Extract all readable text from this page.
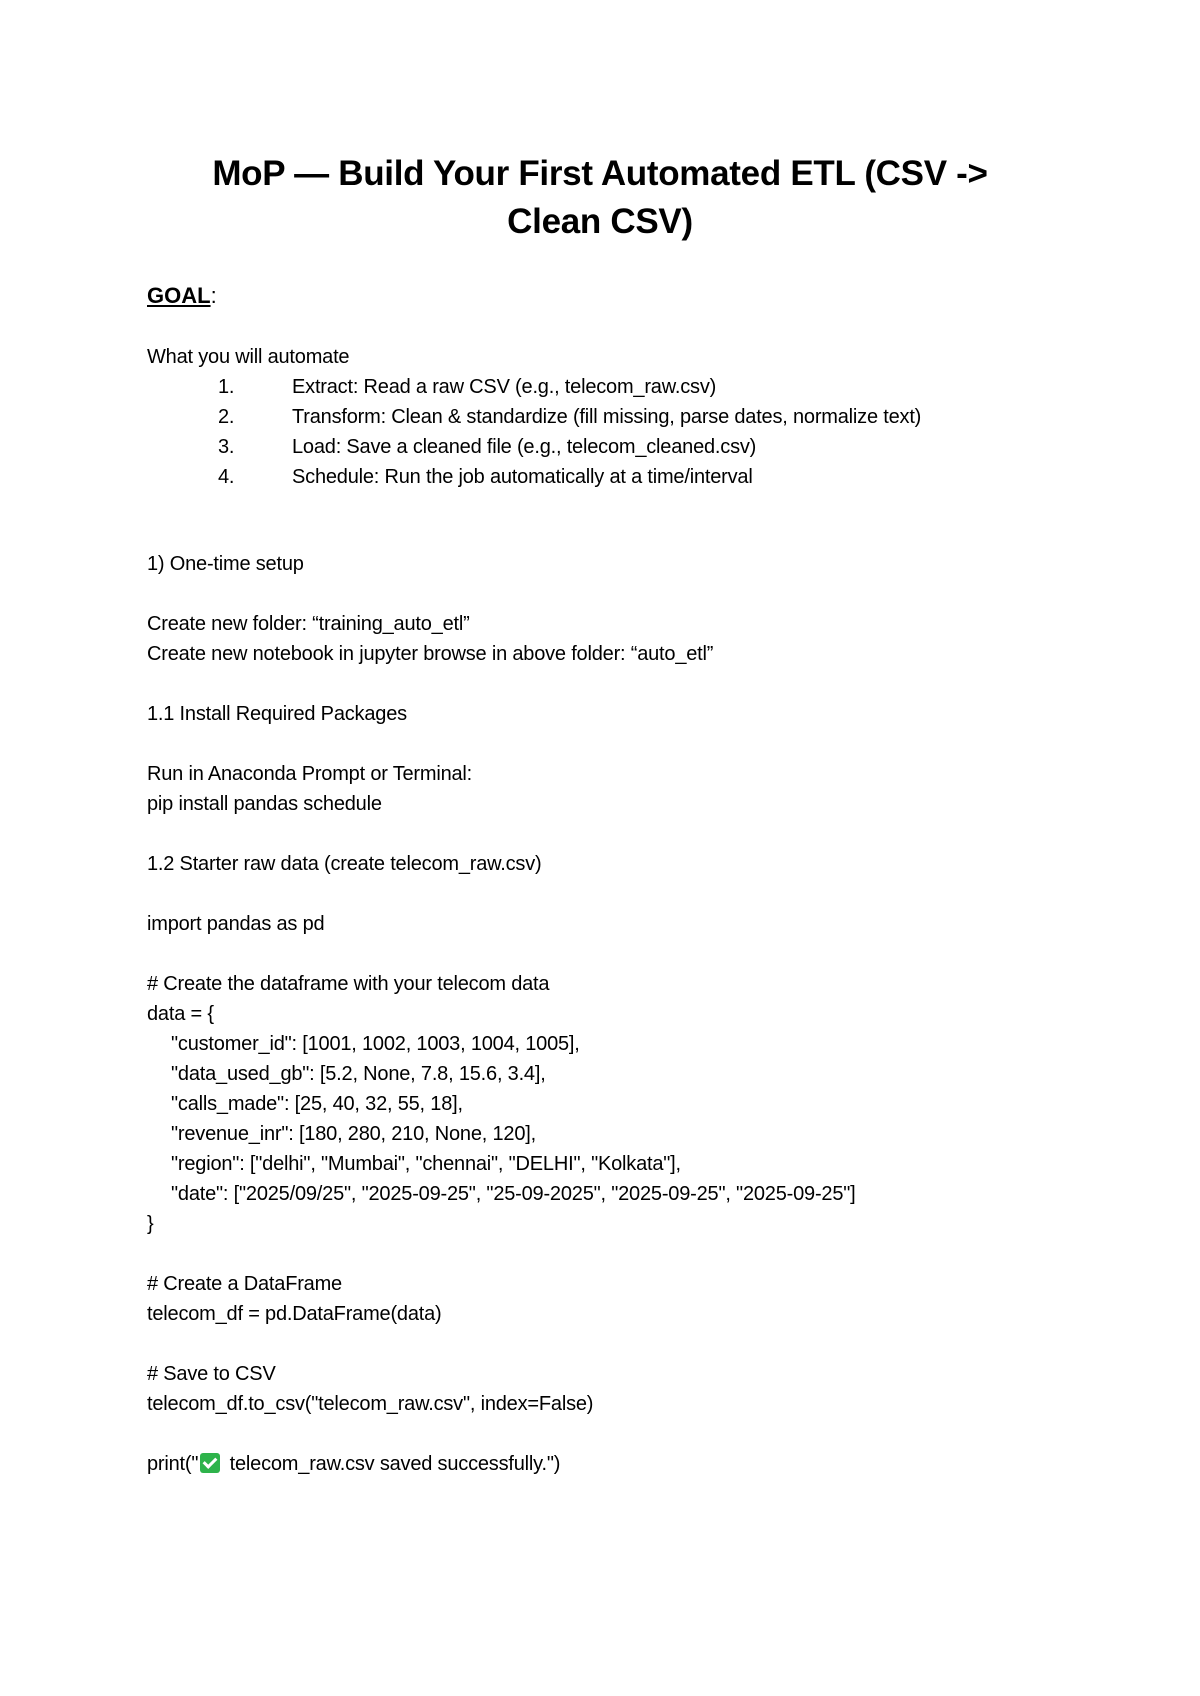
MoP — Build Your First Automated ETL (CSV ->
Clean CSV)
GOAL:
What you will automate
1.	Extract: Read a raw CSV (e.g., telecom_raw.csv)
2.	Transform: Clean & standardize (fill missing, parse dates, normalize text)
3.	Load: Save a cleaned file (e.g., telecom_cleaned.csv)
4.	Schedule: Run the job automatically at a time/interval
1) One-time setup
Create new folder: “training_auto_etl”
Create new notebook in jupyter browse in above folder: “auto_etl”
1.1 Install Required Packages
Run in Anaconda Prompt or Terminal:
pip install pandas schedule
1.2 Starter raw data (create telecom_raw.csv)
import pandas as pd
# Create the dataframe with your telecom data
data = {
"customer_id": [1001, 1002, 1003, 1004, 1005],
"data_used_gb": [5.2, None, 7.8, 15.6, 3.4],
"calls_made": [25, 40, 32, 55, 18],
"revenue_inr": [180, 280, 210, None, 120],
"region": ["delhi", "Mumbai", "chennai", "DELHI", "Kolkata"],
"date": ["2025/09/25", "2025-09-25", "25-09-2025", "2025-09-25", "2025-09-25"]
}
# Create a DataFrame
telecom_df = pd.DataFrame(data)
# Save to CSV
telecom_df.to_csv("telecom_raw.csv", index=False)
print(" telecom_raw.csv saved successfully.")
